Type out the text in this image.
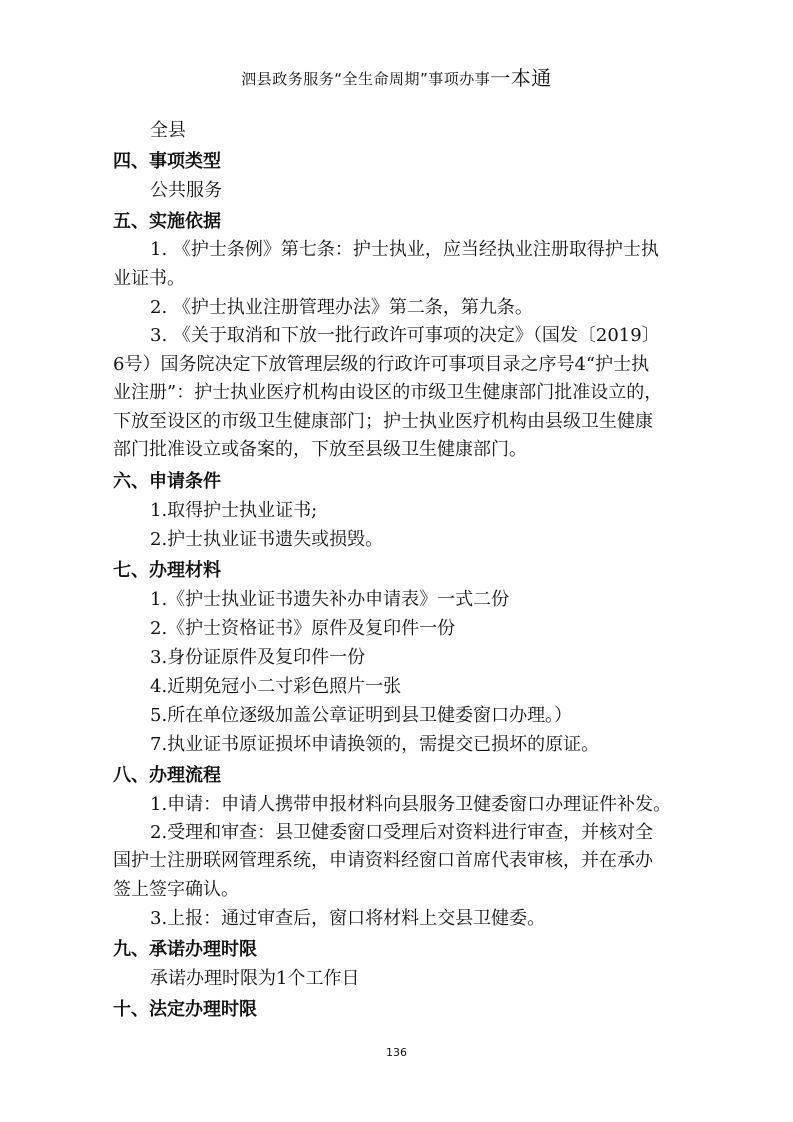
泗县政务服务“全生命周期”事项办事一本通
全县
四、事项类型
公共服务
五、实施依据
1. 《护士条例》第七条：护士执业，应当经执业注册取得护士执
业证书。
2. 《护士执业注册管理办法》第二条，第九条。
3. 《关于取消和下放一批行政许可事项的决定》（国发〔2019〕
6号）国务院决定下放管理层级的行政许可事项目录之序号4“护士执
业注册”：护士执业医疗机构由设区的市级卫生健康部门批准设立的，
下放至设区的市级卫生健康部门；护士执业医疗机构由县级卫生健康
部门批准设立或备案的，下放至县级卫生健康部门。
六、申请条件
1.取得护士执业证书;
2.护士执业证书遗失或损毁。
七、办理材料
1.《护士执业证书遗失补办申请表》一式二份
2.《护士资格证书》原件及复印件一份
3.身份证原件及复印件一份
4.近期免冠小二寸彩色照片一张
5.所在单位逐级加盖公章证明到县卫健委窗口办理。）
7.执业证书原证损坏申请换领的，需提交已损坏的原证。
八、办理流程
1.申请：申请人携带申报材料向县服务卫健委窗口办理证件补发。
2.受理和审查：县卫健委窗口受理后对资料进行审查，并核对全
国护士注册联网管理系统，申请资料经窗口首席代表审核，并在承办
签上签字确认。
3.上报：通过审查后，窗口将材料上交县卫健委。
九、承诺办理时限
承诺办理时限为1个工作日
十、法定办理时限
136
